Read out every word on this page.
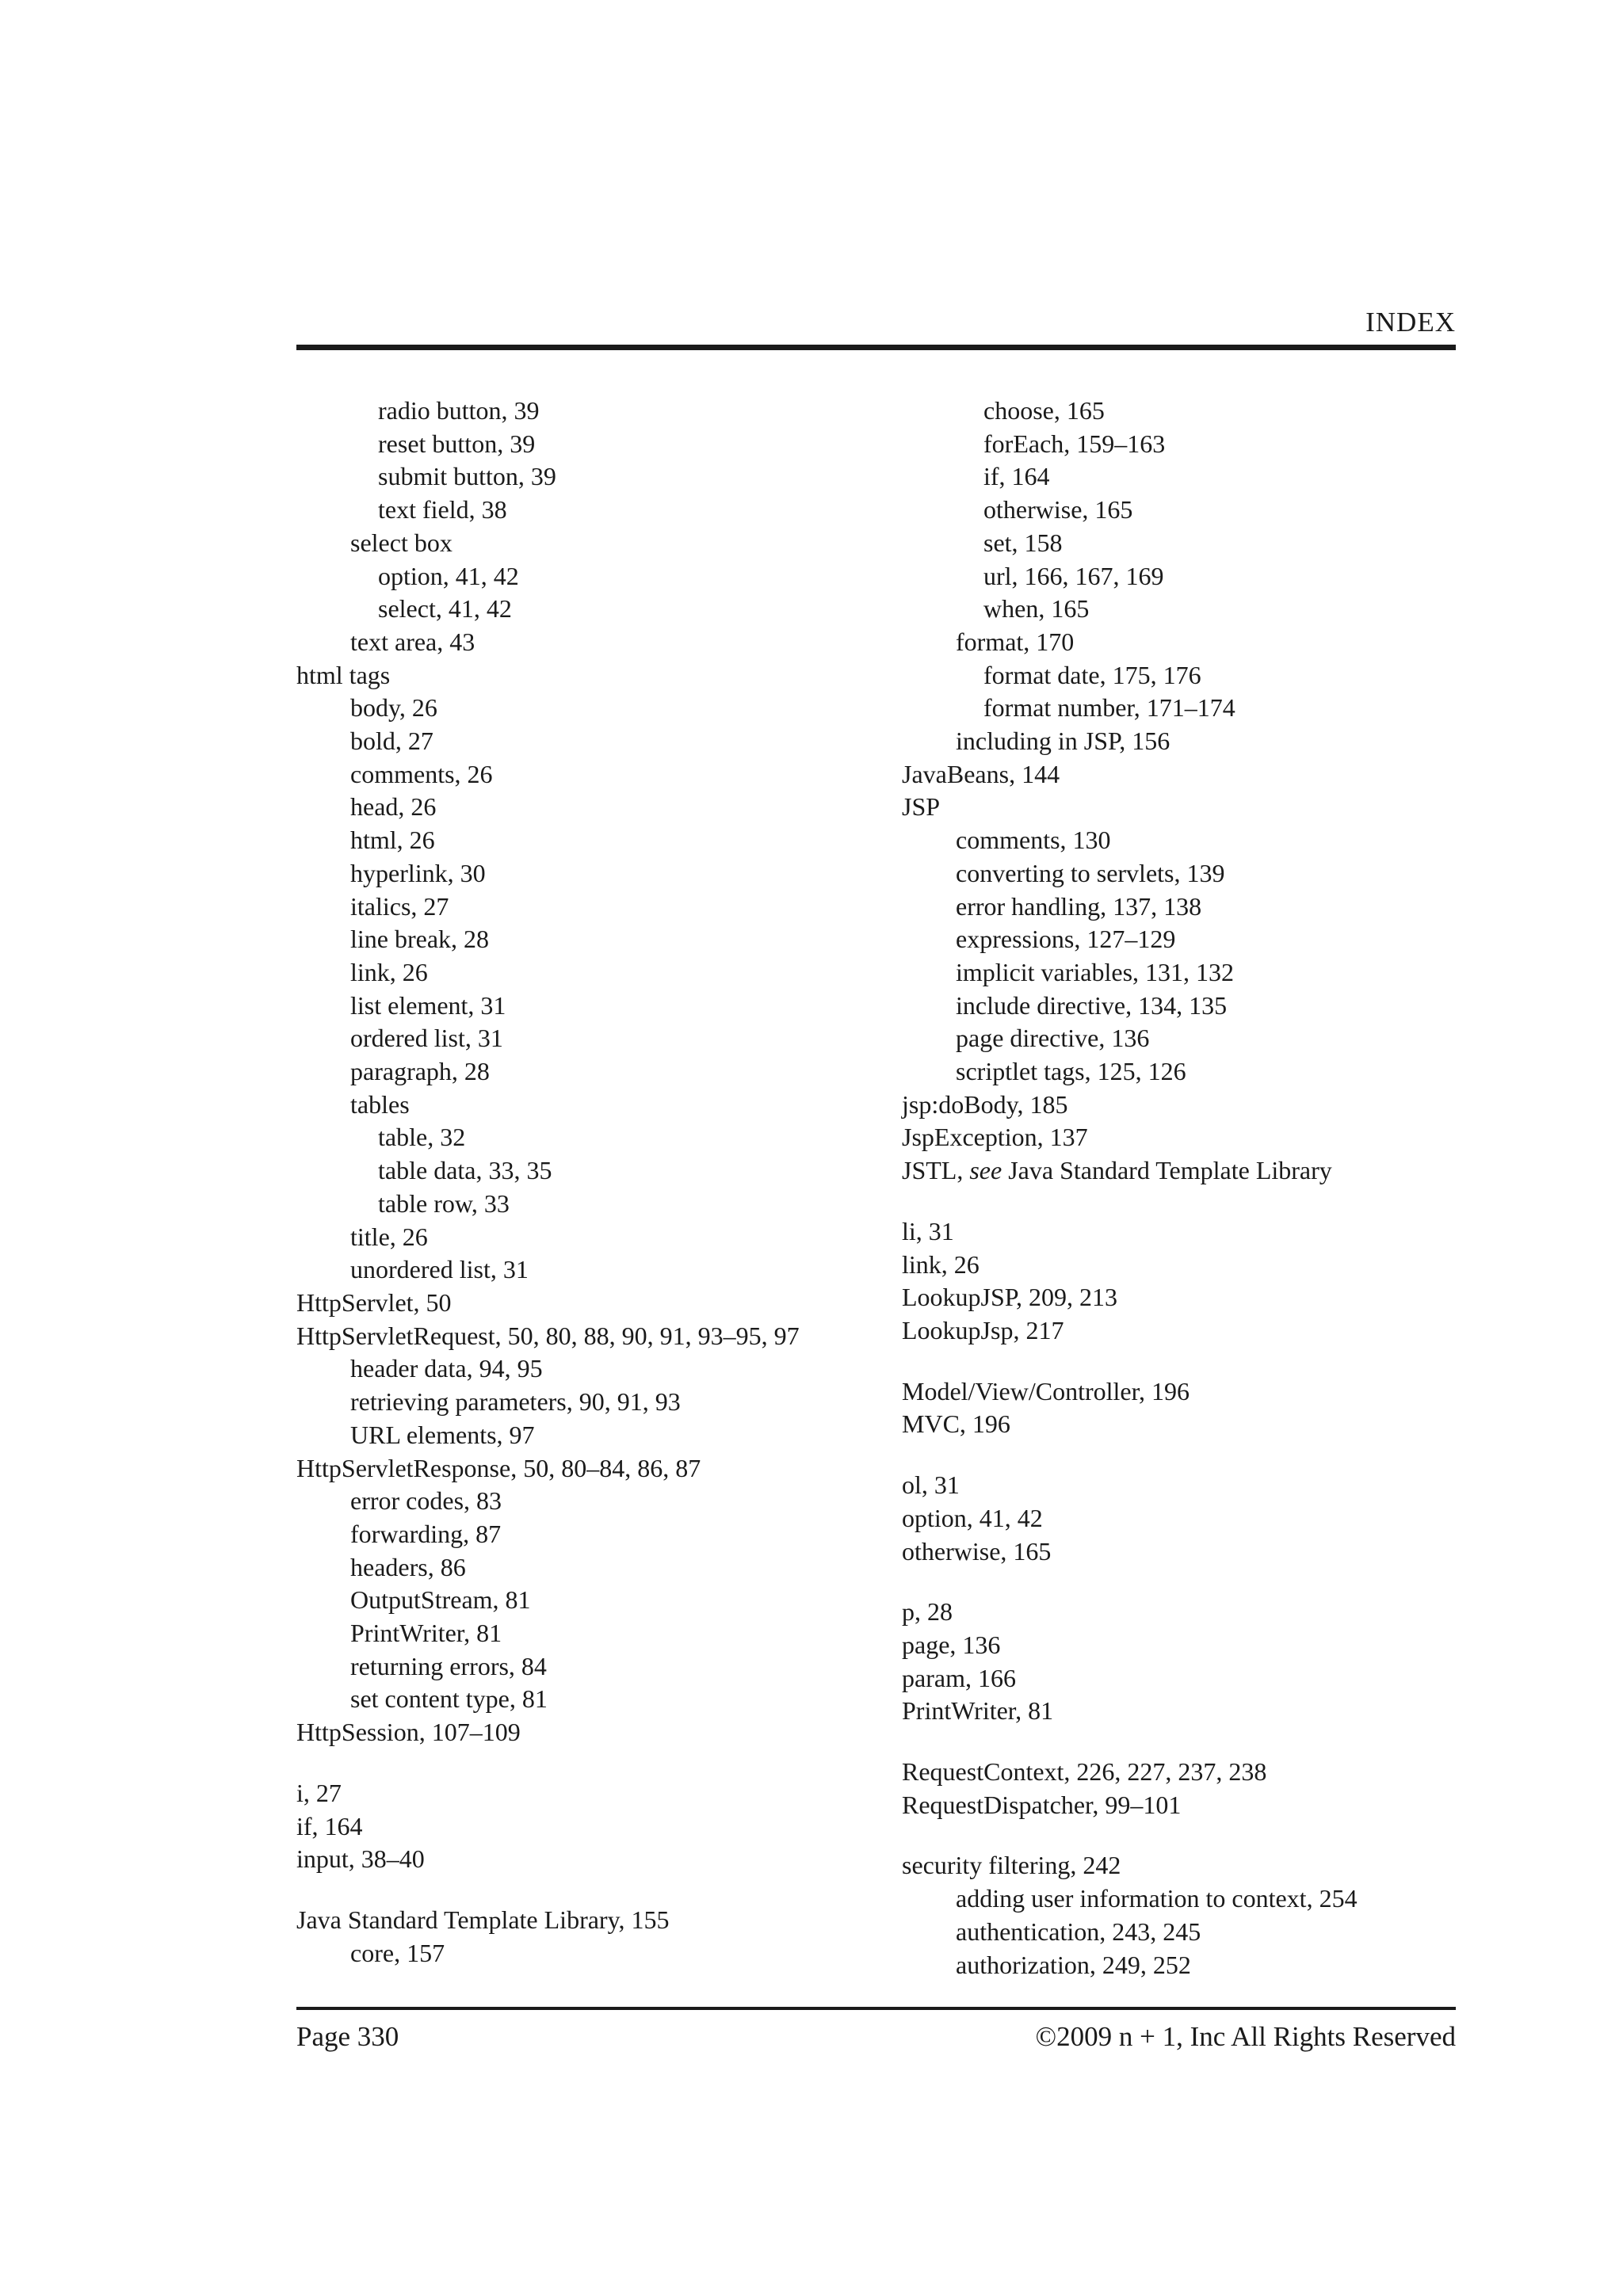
INDEX
radio button, 39
reset button, 39
submit button, 39
text field, 38
select box
option, 41, 42
select, 41, 42
text area, 43
html tags
body, 26
bold, 27
comments, 26
head, 26
html, 26
hyperlink, 30
italics, 27
line break, 28
link, 26
list element, 31
ordered list, 31
paragraph, 28
tables
table, 32
table data, 33, 35
table row, 33
title, 26
unordered list, 31
HttpServlet, 50
HttpServletRequest, 50, 80, 88, 90, 91, 93–95, 97
header data, 94, 95
retrieving parameters, 90, 91, 93
URL elements, 97
HttpServletResponse, 50, 80–84, 86, 87
error codes, 83
forwarding, 87
headers, 86
OutputStream, 81
PrintWriter, 81
returning errors, 84
set content type, 81
HttpSession, 107–109
i, 27
if, 164
input, 38–40
Java Standard Template Library, 155
core, 157
choose, 165
forEach, 159–163
if, 164
otherwise, 165
set, 158
url, 166, 167, 169
when, 165
format, 170
format date, 175, 176
format number, 171–174
including in JSP, 156
JavaBeans, 144
JSP
comments, 130
converting to servlets, 139
error handling, 137, 138
expressions, 127–129
implicit variables, 131, 132
include directive, 134, 135
page directive, 136
scriptlet tags, 125, 126
jsp:doBody, 185
JspException, 137
JSTL, see Java Standard Template Library
li, 31
link, 26
LookupJSP, 209, 213
LookupJsp, 217
Model/View/Controller, 196
MVC, 196
ol, 31
option, 41, 42
otherwise, 165
p, 28
page, 136
param, 166
PrintWriter, 81
RequestContext, 226, 227, 237, 238
RequestDispatcher, 99–101
security filtering, 242
adding user information to context, 254
authentication, 243, 245
authorization, 249, 252
Page 330	©2009 n + 1, Inc All Rights Reserved
